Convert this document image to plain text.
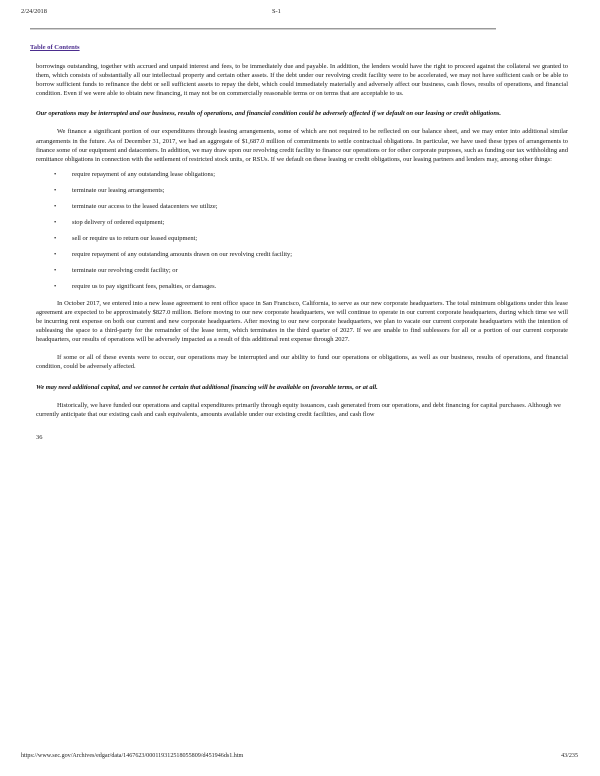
2/24/2018	S-1
Table of Contents

borrowings outstanding, together with accrued and unpaid interest and fees, to be immediately due and payable. In addition, the lenders would have the right to proceed against the collateral we granted to them, which consists of substantially all our intellectual property and certain other assets. If the debt under our revolving credit facility were to be accelerated, we may not have sufficient cash or be able to borrow sufficient funds to refinance the debt or sell sufficient assets to repay the debt, which could immediately materially and adversely affect our business, cash flows, results of operations, and financial condition. Even if we were able to obtain new financing, it may not be on commercially reasonable terms or on terms that are acceptable to us.

Our operations may be interrupted and our business, results of operations, and financial condition could be adversely affected if we default on our leasing or credit obligations.

We finance a significant portion of our expenditures through leasing arrangements, some of which are not required to be reflected on our balance sheet, and we may enter into additional similar arrangements in the future. As of December 31, 2017, we had an aggregate of $1,687.0 million of commitments to settle contractual obligations. In particular, we have used these types of arrangements to finance some of our equipment and datacenters. In addition, we may draw upon our revolving credit facility to finance our operations or for other corporate purposes, such as funding our tax withholding and remittance obligations in connection with the settlement of restricted stock units, or RSUs. If we default on these leasing or credit obligations, our leasing partners and lenders may, among other things:

• require repayment of any outstanding lease obligations;
• terminate our leasing arrangements;
• terminate our access to the leased datacenters we utilize;
• stop delivery of ordered equipment;
• sell or require us to return our leased equipment;
• require repayment of any outstanding amounts drawn on our revolving credit facility;
• terminate our revolving credit facility; or
• require us to pay significant fees, penalties, or damages.

In October 2017, we entered into a new lease agreement to rent office space in San Francisco, California, to serve as our new corporate headquarters. The total minimum obligations under this lease agreement are expected to be approximately $827.0 million. Before moving to our new corporate headquarters, we will continue to operate in our current corporate headquarters, during which time we will be incurring rent expense on both our current and new corporate headquarters. After moving to our new corporate headquarters, we plan to vacate our current corporate headquarters with the intention of subleasing the space to a third-party for the remainder of the lease term, which terminates in the third quarter of 2027. If we are unable to find sublessors for all or a portion of our current corporate headquarters, our results of operations will be adversely impacted as a result of this additional rent expense through 2027.

If some or all of these events were to occur, our operations may be interrupted and our ability to fund our operations or obligations, as well as our business, results of operations, and financial condition, could be adversely affected.

We may need additional capital, and we cannot be certain that additional financing will be available on favorable terms, or at all.

Historically, we have funded our operations and capital expenditures primarily through equity issuances, cash generated from our operations, and debt financing for capital purchases. Although we currently anticipate that our existing cash and cash equivalents, amounts available under our existing credit facilities, and cash flow

36

https://www.sec.gov/Archives/edgar/data/1467623/000119312518055809/d451946ds1.htm	43/235
